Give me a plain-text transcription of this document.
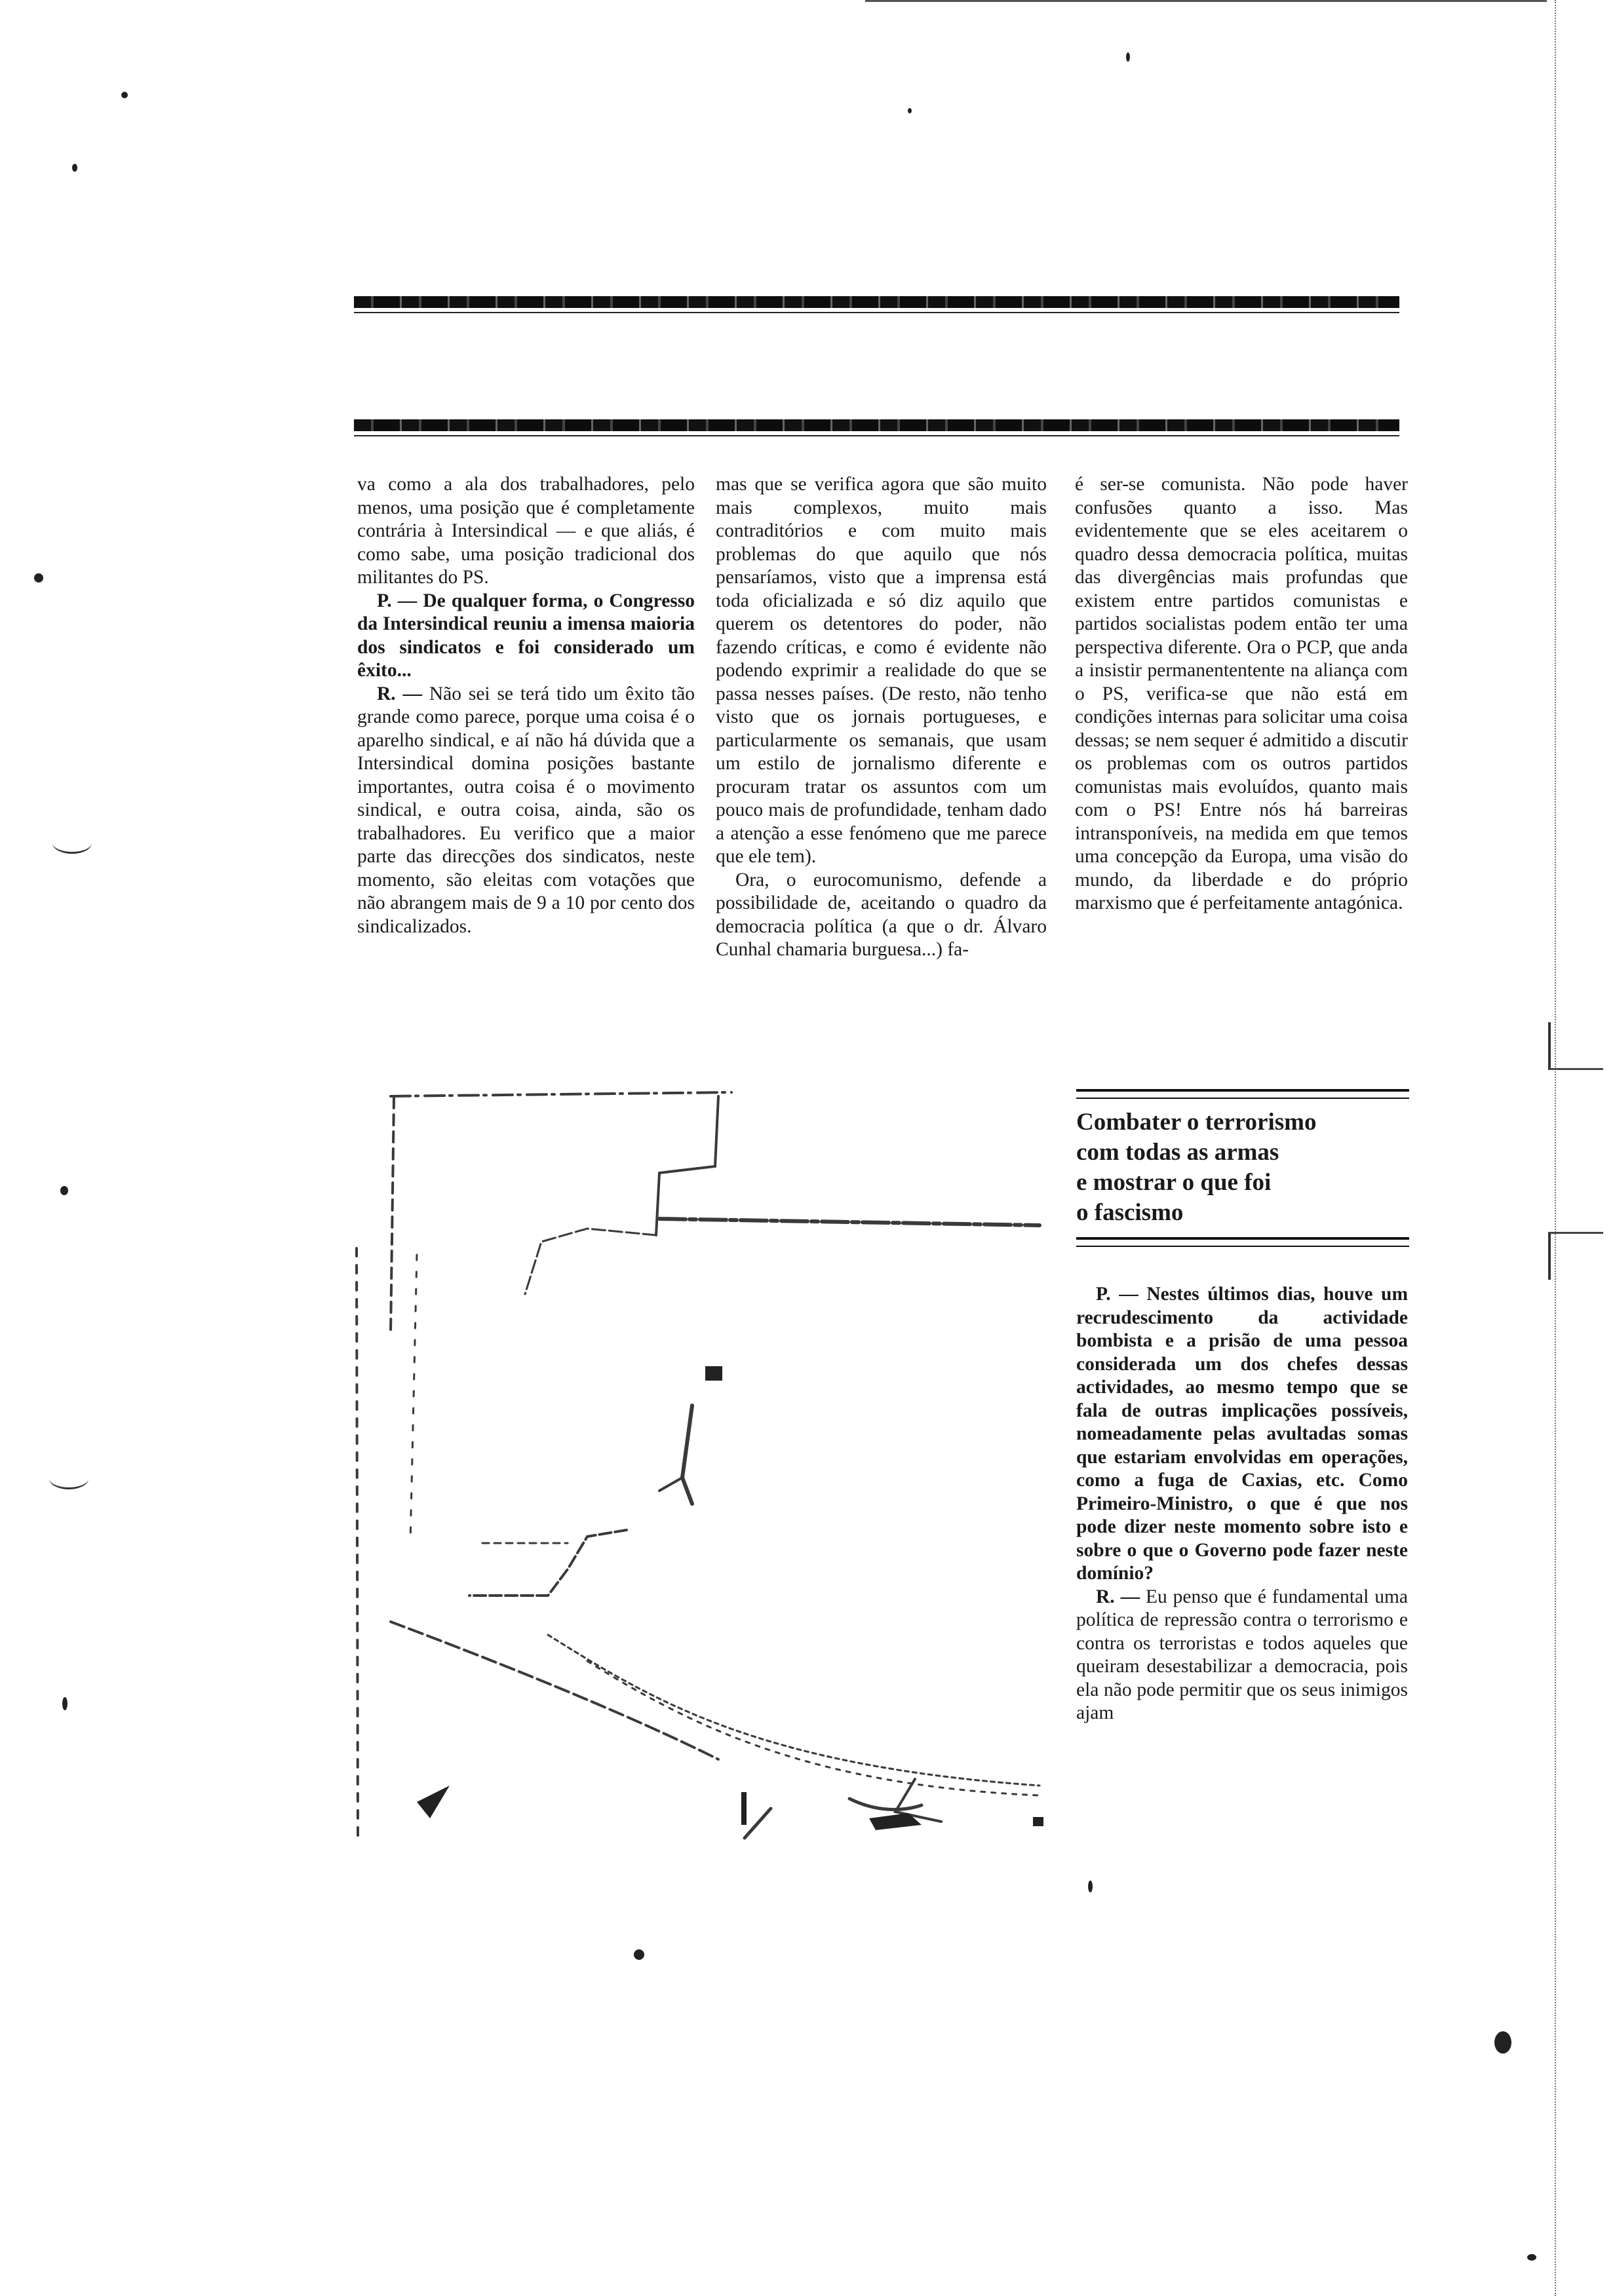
va como a ala dos trabalhadores, pelo menos, uma posição que é completamente contrária à Intersindical — e que aliás, é como sabe, uma posição tradicional dos militantes do PS.

P. — De qualquer forma, o Congresso da Intersindical reuniu a imensa maioria dos sindicatos e foi considerado um êxito...

R. — Não sei se terá tido um êxito tão grande como parece, porque uma coisa é o aparelho sindical, e aí não há dúvida que a Intersindical domina posições bastante importantes, outra coisa é o movimento sindical, e outra coisa, ainda, são os trabalhadores. Eu verifico que a maior parte das direcções dos sindicatos, neste momento, são eleitas com votações que não abrangem mais de 9 a 10 por cento dos sindicalizados.

mas que se verifica agora que são muito mais complexos, muito mais contraditórios e com muito mais problemas do que aquilo que nós pensaríamos, visto que a imprensa está toda oficializada e só diz aquilo que querem os detentores do poder, não fazendo críticas, e como é evidente não podendo exprimir a realidade do que se passa nesses países. (De resto, não tenho visto que os jornais portugueses, e particularmente os semanais, que usam um estilo de jornalismo diferente e procuram tratar os assuntos com um pouco mais de profundidade, tenham dado a atenção a esse fenómeno que me parece que ele tem).

Ora, o eurocomunismo, defende a possibilidade de, aceitando o quadro da democracia política (a que o dr. Álvaro Cunhal chamaria burguesa...) fa-

é ser-se comunista. Não pode haver confusões quanto a isso. Mas evidentemente que se eles aceitarem o quadro dessa democracia política, muitas das divergências mais profundas que existem entre partidos comunistas e partidos socialistas podem então ter uma perspectiva diferente. Ora o PCP, que anda a insistir permanententente na aliança com o PS, verifica-se que não está em condições internas para solicitar uma coisa dessas; se nem sequer é admitido a discutir os problemas com os outros partidos comunistas mais evoluídos, quanto mais com o PS! Entre nós há barreiras intransponíveis, na medida em que temos uma concepção da Europa, uma visão do mundo, da liberdade e do próprio marxismo que é perfeitamente antagónica.

Combater o terrorismo
com todas as armas
e mostrar o que foi
o fascismo

P. — Nestes últimos dias, houve um recrudescimento da actividade bombista e a prisão de uma pessoa considerada um dos chefes dessas actividades, ao mesmo tempo que se fala de outras implicações possíveis, nomeadamente pelas avultadas somas que estariam envolvidas em operações, como a fuga de Caxias, etc. Como Primeiro-Ministro, o que é que nos pode dizer neste momento sobre isto e sobre o que o Governo pode fazer neste domínio?

R. — Eu penso que é fundamental uma política de repressão contra o terrorismo e contra os terroristas e todos aqueles que queiram desestabilizar a democracia, pois ela não pode permitir que os seus inimigos ajam
